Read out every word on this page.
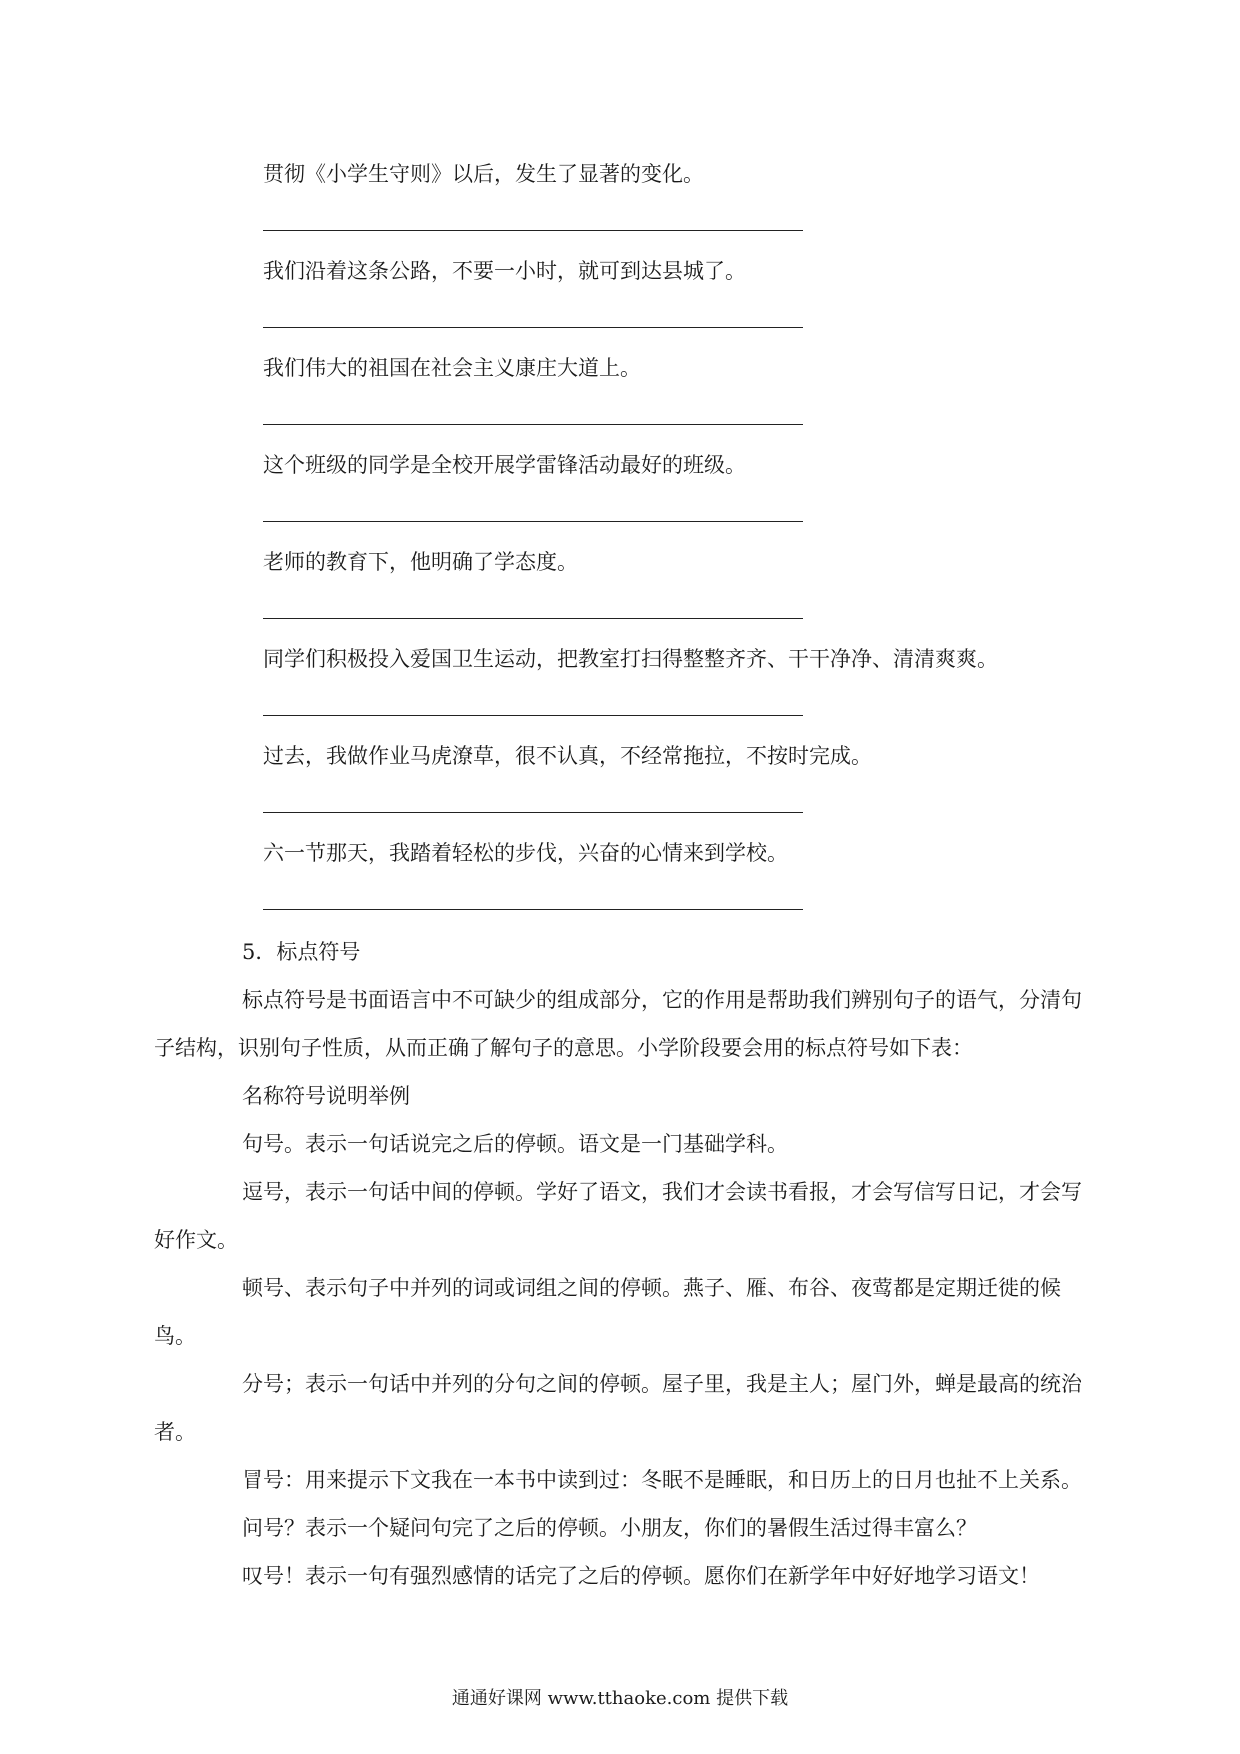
贯彻《小学生守则》以后，发生了显著的变化。
我们沿着这条公路，不要一小时，就可到达县城了。
我们伟大的祖国在社会主义康庄大道上。
这个班级的同学是全校开展学雷锋活动最好的班级。
老师的教育下，他明确了学态度。
同学们积极投入爱国卫生运动，把教室打扫得整整齐齐、干干净净、清清爽爽。
过去，我做作业马虎潦草，很不认真，不经常拖拉，不按时完成。
六一节那天，我踏着轻松的步伐，兴奋的心情来到学校。
5．标点符号
标点符号是书面语言中不可缺少的组成部分，它的作用是帮助我们辨别句子的语气，分清句子结构，识别句子性质，从而正确了解句子的意思。小学阶段要会用的标点符号如下表：
名称符号说明举例
句号。表示一句话说完之后的停顿。语文是一门基础学科。
逗号，表示一句话中间的停顿。学好了语文，我们才会读书看报，才会写信写日记，才会写好作文。
顿号、表示句子中并列的词或词组之间的停顿。燕子、雁、布谷、夜莺都是定期迁徙的候鸟。
分号；表示一句话中并列的分句之间的停顿。屋子里，我是主人；屋门外，蝉是最高的统治者。
冒号：用来提示下文我在一本书中读到过：冬眠不是睡眠，和日历上的日月也扯不上关系。
问号？表示一个疑问句完了之后的停顿。小朋友，你们的暑假生活过得丰富么？
叹号！表示一句有强烈感情的话完了之后的停顿。愿你们在新学年中好好地学习语文！
通通好课网 www.tthaoke.com 提供下载
